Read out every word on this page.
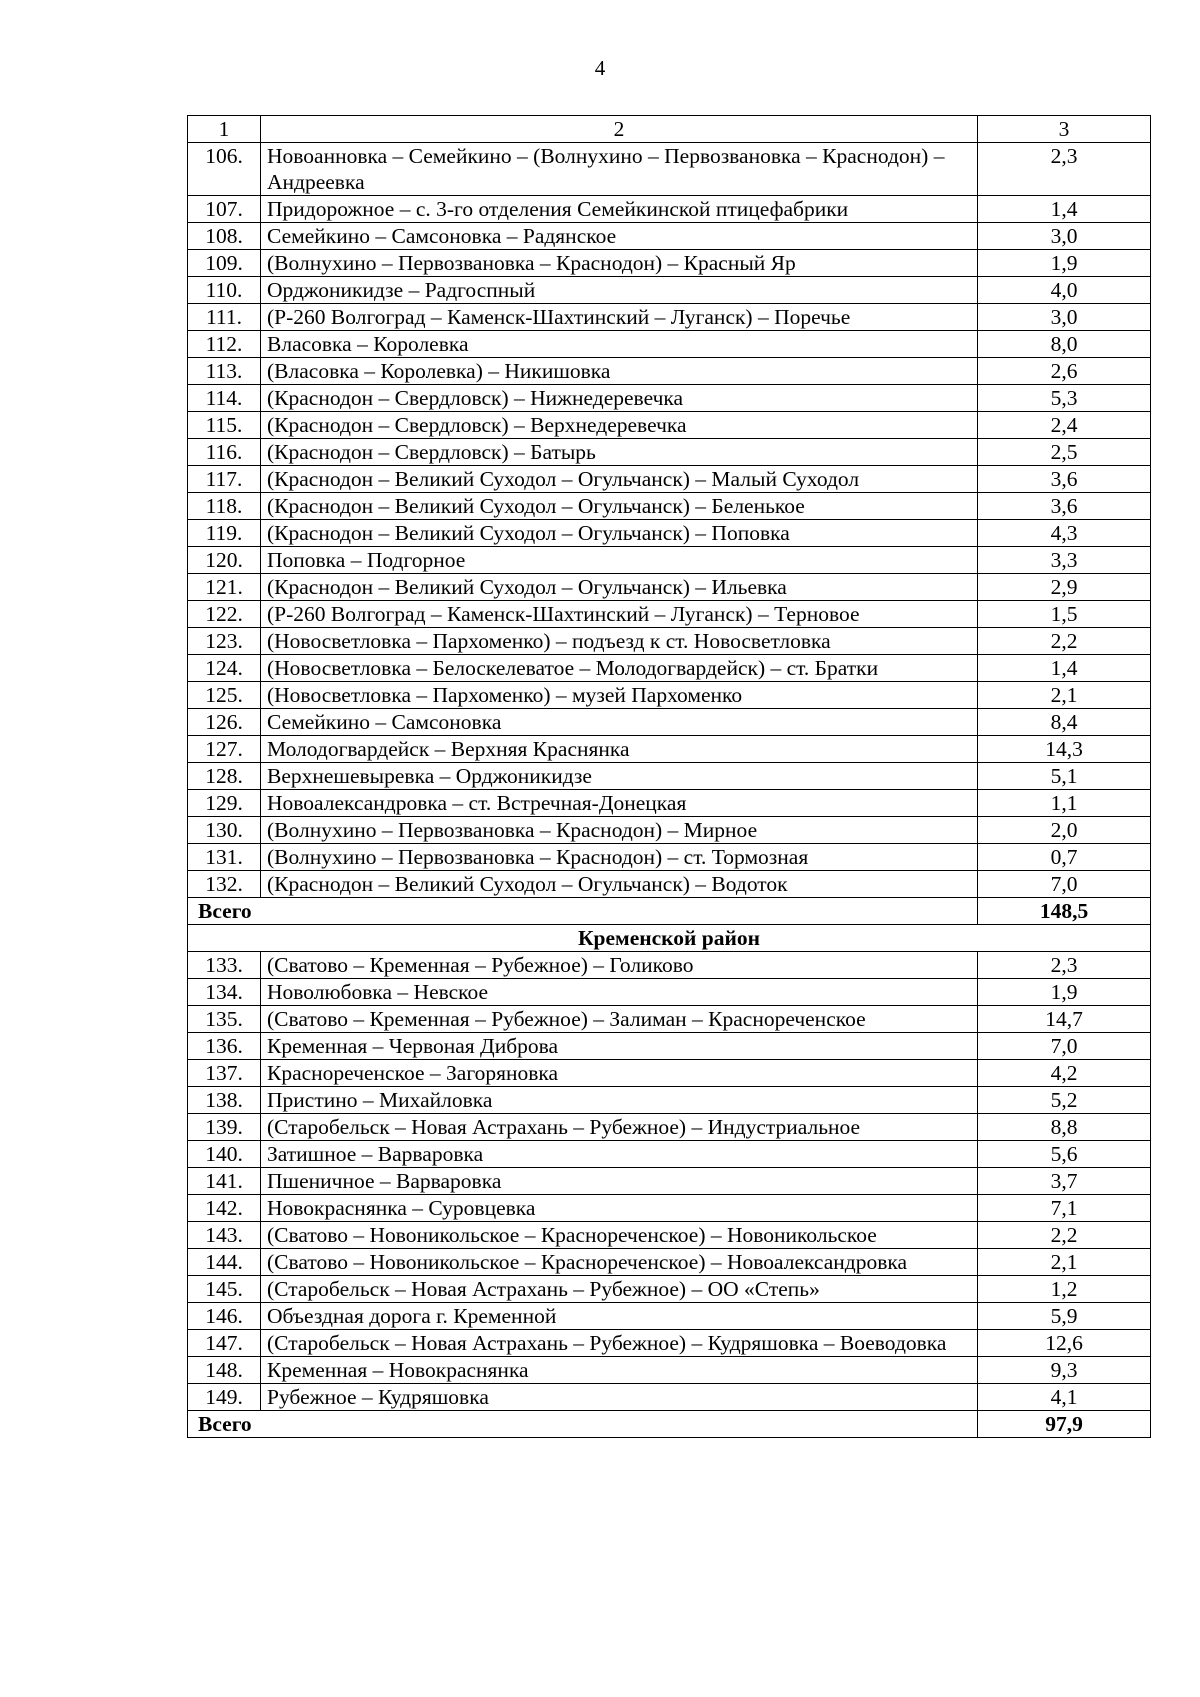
4
1	2	3
106.	Новоанновка – Семейкино – (Волнухино – Первозвановка – Краснодон) – Андреевка	2,3
107.	Придорожное – с. 3-го отделения Семейкинской птицефабрики	1,4
108.	Семейкино – Самсоновка – Радянское	3,0
109.	(Волнухино – Первозвановка – Краснодон) – Красный Яр	1,9
110.	Орджоникидзе – Радгоспный	4,0
111.	(Р-260 Волгоград – Каменск-Шахтинский – Луганск) – Поречье	3,0
112.	Власовка – Королевка	8,0
113.	(Власовка – Королевка) – Никишовка	2,6
114.	(Краснодон – Свердловск) – Нижнедеревечка	5,3
115.	(Краснодон – Свердловск) – Верхнедеревечка	2,4
116.	(Краснодон – Свердловск) – Батырь	2,5
117.	(Краснодон – Великий Суходол – Огульчанск) – Малый Суходол	3,6
118.	(Краснодон – Великий Суходол – Огульчанск) – Беленькое	3,6
119.	(Краснодон – Великий Суходол – Огульчанск) – Поповка	4,3
120.	Поповка – Подгорное	3,3
121.	(Краснодон – Великий Суходол – Огульчанск) – Ильевка	2,9
122.	(Р-260 Волгоград – Каменск-Шахтинский – Луганск) – Терновое	1,5
123.	(Новосветловка – Пархоменко) – подъезд к ст. Новосветловка	2,2
124.	(Новосветловка – Белоскелеватое – Молодогвардейск) – ст. Братки	1,4
125.	(Новосветловка – Пархоменко) – музей Пархоменко	2,1
126.	Семейкино – Самсоновка	8,4
127.	Молодогвардейск – Верхняя Краснянка	14,3
128.	Верхнешевыревка – Орджоникидзе	5,1
129.	Новоалександровка – ст. Встречная-Донецкая	1,1
130.	(Волнухино – Первозвановка – Краснодон) – Мирное	2,0
131.	(Волнухино – Первозвановка – Краснодон) – ст. Тормозная	0,7
132.	(Краснодон – Великий Суходол – Огульчанск) – Водоток	7,0
Всего		148,5
Кременской район		
133.	(Сватово – Кременная – Рубежное) – Голиково	2,3
134.	Новолюбовка – Невское	1,9
135.	(Сватово – Кременная – Рубежное) – Залиман – Краснореченское	14,7
136.	Кременная – Червоная Диброва	7,0
137.	Краснореченское – Загоряновка	4,2
138.	Пристино – Михайловка	5,2
139.	(Старобельск – Новая Астрахань – Рубежное) – Индустриальное	8,8
140.	Затишное – Варваровка	5,6
141.	Пшеничное – Варваровка	3,7
142.	Новокраснянка – Суровцевка	7,1
143.	(Сватово – Новоникольское – Краснореченское) – Новоникольское	2,2
144.	(Сватово – Новоникольское – Краснореченское) – Новоалександровка	2,1
145.	(Старобельск – Новая Астрахань – Рубежное) – ОО «Степь»	1,2
146.	Объездная дорога г. Кременной	5,9
147.	(Старобельск – Новая Астрахань – Рубежное) – Кудряшовка – Воеводовка	12,6
148.	Кременная – Новокраснянка	9,3
149.	Рубежное – Кудряшовка	4,1
Всего		97,9
